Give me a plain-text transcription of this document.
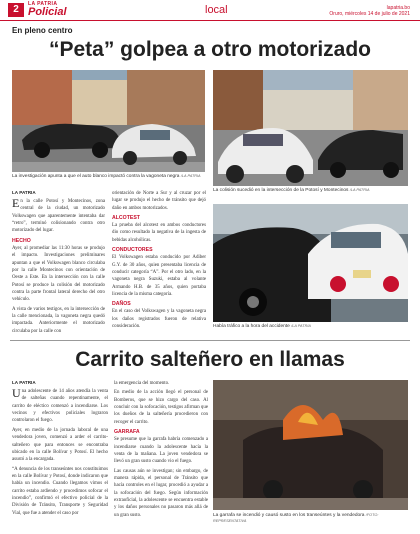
2	LA PATRIA
Policial	local	lapatria.bo
Oruro, miércoles 14 de julio de 2021
En pleno centro
“Peta” golpea a otro motorizado
La investigación apunta a que el auto blanco impactó contra la vagoneta negra /LA PATRIA
La colisión sucedió en la intersección de la Potosí y Montecinos /LA PATRIA
Había tráfico a la hora del accidente /LA PATRIA
LA PATRIA

En la calle Potosí y Montecinos, zona central de la ciudad, un motorizado Volkswagen que aparentemente intentaba dar “retro”, terminó colisionando contra otro motorizado del lugar.

HECHO

Ayer, al promediar las 11:30 horas se produjo el impacto. Investigaciones preliminares apuntan a que el Volkswagen blanco circulaba por la calle Montecinos con orientación de Oeste a Este. En la intersección con la calle Potosí se produce la colisión del motorizado contra la parte frontal lateral derecho del otro vehículo.

A vista de varios testigos, en la intersección de la calle mencionada, la vagoneta negra quedó impactada. Anteriormente el motorizado circulaba por la calle con

orientación de Norte a Sur y al cruzar por el lugar se produjo el hecho de tránsito que dejó daño en ambos motorizados.

ALCOTEST

La prueba del alcotest en ambos conductores dio como resultado la negativa de la ingesta de bebidas alcohólicas.

CONDUCTORES

El Volkswagen estaba conducido por Adiber G.Y. de 30 años, quien presentaba licencia de conducir categoría “A”. Por el otro lado, en la vagoneta negra Suzuki, estaba al volante Armando H.B. de 35 años, quien portaba licencia de la misma categoría.

DAÑOS

En el caso del Volkswagen y la vagoneta negra los daños registrados fueron de relativa consideración.

Carrito salteñero en llamas
LA PATRIA

Una adolescente de 14 años atendía la venta de salteñas cuando repentinamente, el carrito de eléctico comenzó a incendiarse. Los vecinos y efectivos policiales lograron controlaron el fuego.

Ayer, en medio de la jornada laboral de una vendedora joven, comenzó a arder el carrito-salteñero que para entonces se encontraba ubicado en la calle Bolívar y Potosí. El hecho asustó a la encargada.

“A denuncia de los transeúntes nos constituimos en la calle Bolívar y Potosí, donde indicaron que había un incendio. Cuando llegamos vimos el carrito estaba ardiendo y procedimos sofocar el incendio”, confirmó el efectivo policial de la División de Tránsito, Transporte y Seguridad Vial, que fue a atender el caso por

la emergencia del momento.

En medio de la acción llegó el personal de Bomberos, que se hizo cargo del caso. Al concluir con la sofocación, testigos afirman que los dueños de la salteñería procedieron con recoger el carrito.

GARRAFA

Se presume que la garrafa habría comenzado a incendiarse cuando la adolescente hacía la venta de la mañana. La joven vendedora se llevó un gran susto cuando vio el fuego.

Las causas aún se investigan; sin embargo, de manera rápida, el personal de Tránsito que hacía controles en el lugar, procedió a ayudar a la sofocación del fuego. Según información extraoficial, la adolescente se encuentra estable y los daños personales no pasaron más allá de un gran susto.	La garrafa se incendió y causó susto en los transeúntes y la vendedora /FOTO: REPRESENTATIVA
